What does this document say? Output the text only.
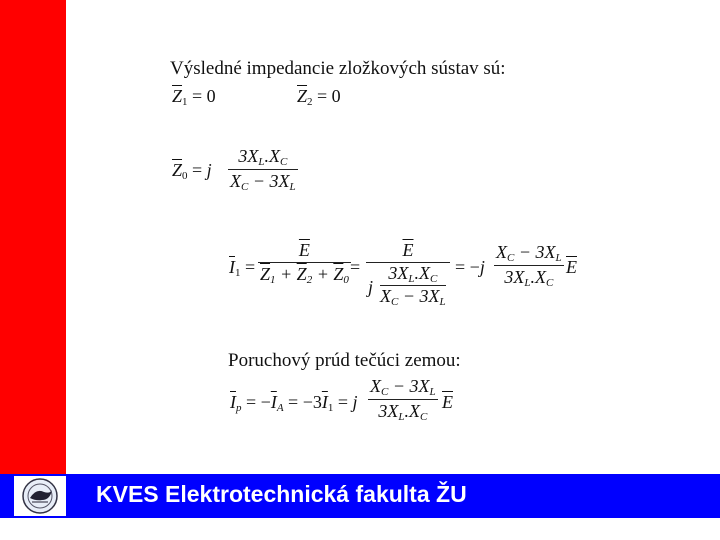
Výsledné impedancie zložkových sústav sú:
$\overline{Z}_1 = 0$	$\overline{Z}_2 = 0$
$\overline{Z}_0 = j \frac{3X_L.X_C}{X_C - 3X_L}$
$\overline{I}_1 = \frac{\overline{E}}{\overline{Z}_1 + \overline{Z}_2 + \overline{Z}_0} = \overline{E}$
j
$3X_L.X_C$
$X_C - 3X_L = -j \frac{X_C - 3X_L}{3X_L.X_C} \overline{E}$
Poruchový prúd tečúci zemou:
$\overline{I}_p = -\overline{I}_A = -3\overline{I}_1 = j \frac{X_C - 3X_L}{3X_L.X_C} \overline{E}$
KVES Elektrotechnická fakulta ŽU
